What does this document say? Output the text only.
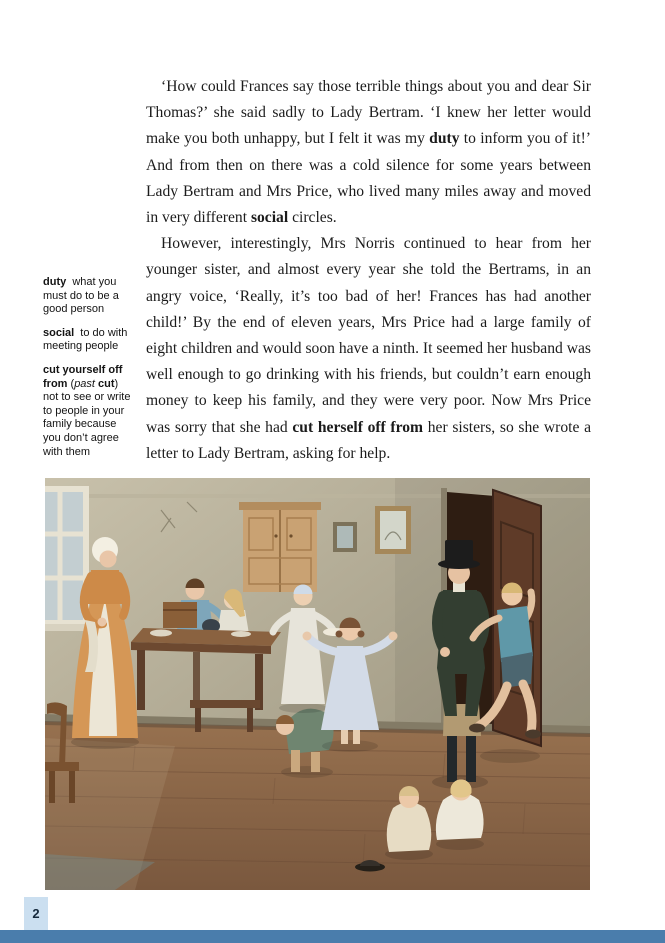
‘How could Frances say those terrible things about you and dear Sir Thomas?’ she said sadly to Lady Bertram. ‘I knew her letter would make you both unhappy, but I felt it was my duty to inform you of it!’ And from then on there was a cold silence for some years between Lady Bertram and Mrs Price, who lived many miles away and moved in very different social circles.

However, interestingly, Mrs Norris continued to hear from her younger sister, and almost every year she told the Bertrams, in an angry voice, ‘Really, it’s too bad of her! Frances has had another child!’ By the end of eleven years, Mrs Price had a large family of eight children and would soon have a ninth. It seemed her husband was well enough to go drinking with his friends, but couldn’t earn enough money to keep his family, and they were very poor. Now Mrs Price was sorry that she had cut herself off from her sisters, so she wrote a letter to Lady Bertram, asking for help.

duty  what you must do to be a good person

social  to do with meeting people

cut yourself off from (past cut)  not to see or write to people in your family because you don’t agree with them

2
